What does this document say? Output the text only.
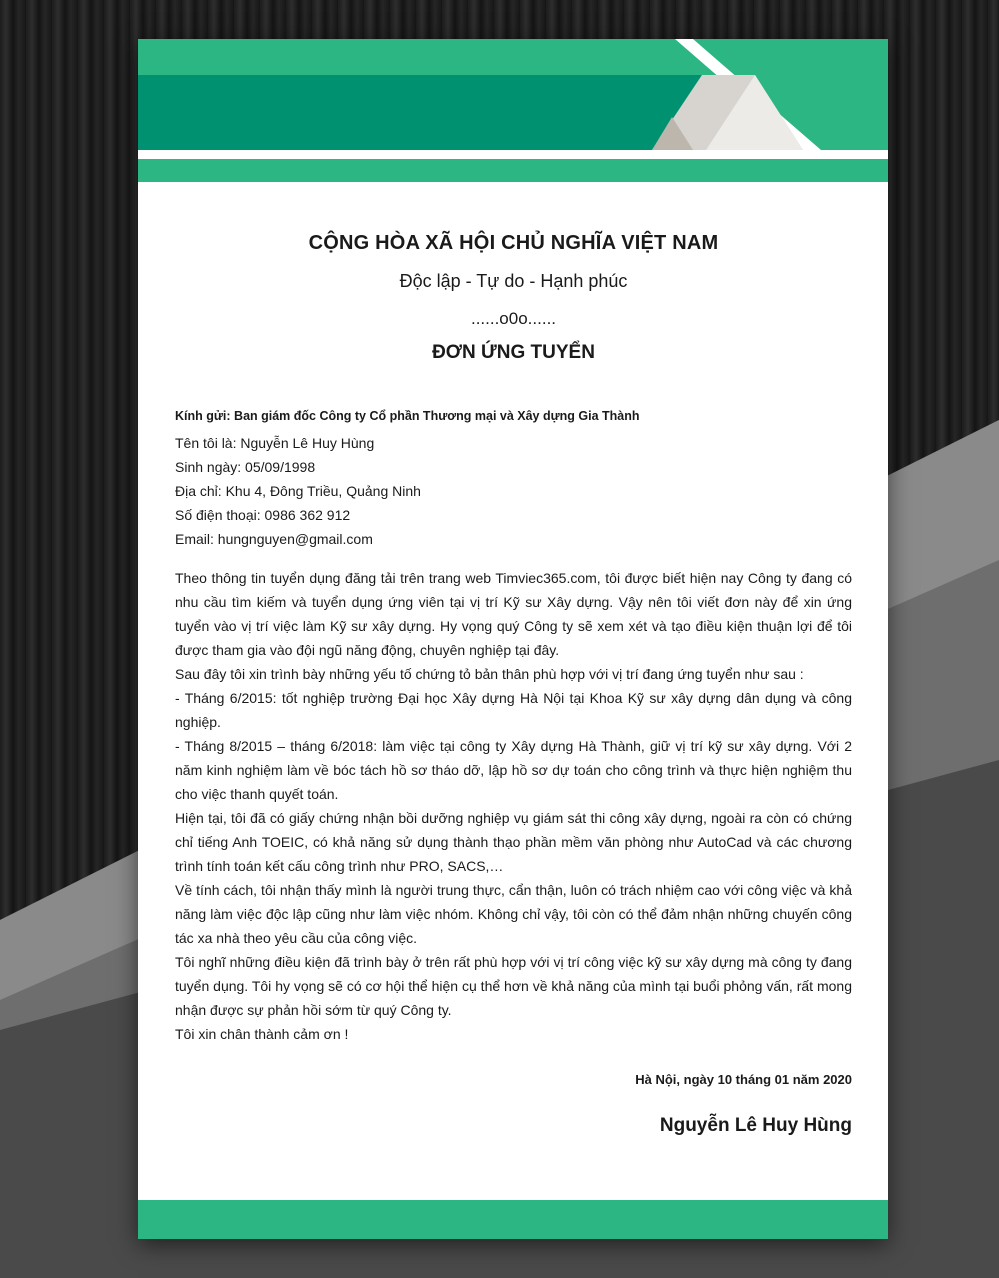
CỘNG HÒA XÃ HỘI CHỦ NGHĨA VIỆT NAM
Độc lập - Tự do - Hạnh phúc
......o0o......
ĐƠN ỨNG TUYỂN
Kính gửi: Ban giám đốc Công ty Cổ phần Thương mại và Xây dựng Gia Thành
Tên tôi là: Nguyễn Lê Huy Hùng
Sinh ngày: 05/09/1998
Địa chỉ: Khu 4, Đông Triều, Quảng Ninh
Số điện thoại: 0986 362 912
Email: hungnguyen@gmail.com

Theo thông tin tuyển dụng đăng tải trên trang web Timviec365.com, tôi được biết hiện nay Công ty đang có nhu cầu tìm kiếm và tuyển dụng ứng viên tại vị trí Kỹ sư Xây dựng. Vậy nên tôi viết đơn này để xin ứng tuyển vào vị trí việc làm Kỹ sư xây dựng. Hy vọng quý Công ty sẽ xem xét và tạo điều kiện thuận lợi để tôi được tham gia vào đội ngũ năng động, chuyên nghiệp tại đây.

Sau đây tôi xin trình bày những yếu tố chứng tỏ bản thân phù hợp với vị trí đang ứng tuyển như sau :

- Tháng 6/2015: tốt nghiệp trường Đại học Xây dựng Hà Nội tại Khoa Kỹ sư xây dựng dân dụng và công nghiệp.

- Tháng 8/2015 – tháng 6/2018: làm việc tại công ty Xây dựng Hà Thành, giữ vị trí kỹ sư xây dựng. Với 2 năm kinh nghiệm làm về bóc tách hồ sơ tháo dỡ, lập hồ sơ dự toán cho công trình và thực hiện nghiệm thu cho việc thanh quyết toán.

Hiện tại, tôi đã có giấy chứng nhận bồi dưỡng nghiệp vụ giám sát thi công xây dựng, ngoài ra còn có chứng chỉ tiếng Anh TOEIC, có khả năng sử dụng thành thạo phần mềm văn phòng như AutoCad và các chương trình tính toán kết cấu công trình như PRO, SACS,…

Về tính cách, tôi nhận thấy mình là người trung thực, cẩn thận, luôn có trách nhiệm cao với công việc và khả năng làm việc độc lập cũng như làm việc nhóm. Không chỉ vậy, tôi còn có thể đảm nhận những chuyến công tác xa nhà theo yêu cầu của công việc.

Tôi nghĩ những điều kiện đã trình bày ở trên rất phù hợp với vị trí công việc kỹ sư xây dựng mà công ty đang tuyển dụng. Tôi hy vọng sẽ có cơ hội thể hiện cụ thể hơn về khả năng của mình tại buổi phỏng vấn, rất mong nhận được sự phản hồi sớm từ quý Công ty.

Tôi xin chân thành cảm ơn !

Hà Nội, ngày 10 tháng 01 năm 2020
Nguyễn Lê Huy Hùng
